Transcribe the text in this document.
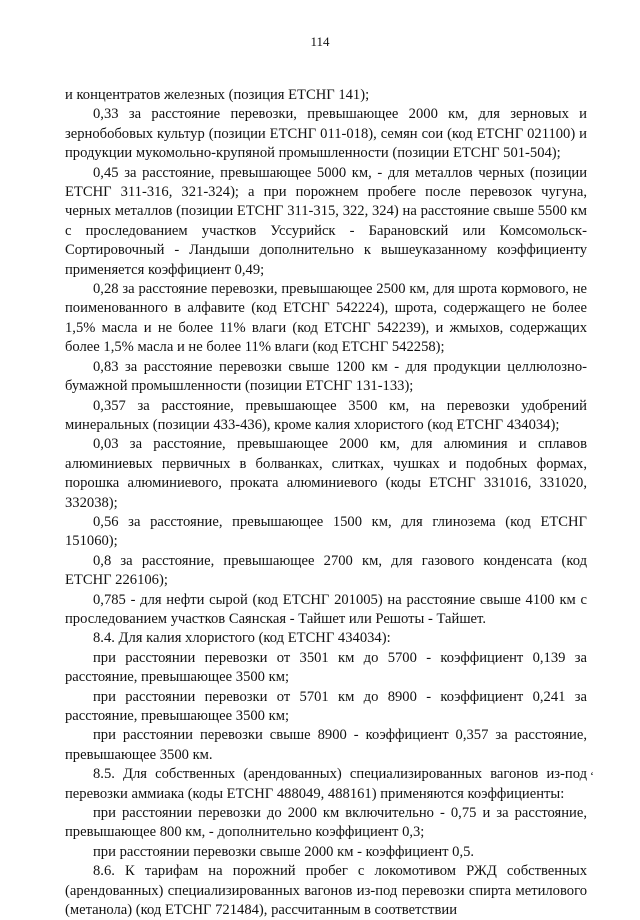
114

и концентратов железных (позиция ЕТСНГ 141);

0,33 за расстояние перевозки, превышающее 2000 км, для зерновых и зернобобовых культур (позиции ЕТСНГ 011-018), семян сои (код ЕТСНГ 021100) и продукции мукомольно-крупяной промышленности (позиции ЕТСНГ 501-504);

0,45 за расстояние, превышающее 5000 км, - для металлов черных (позиции ЕТСНГ 311-316, 321-324); а при порожнем пробеге после перевозок чугуна, черных металлов (позиции ЕТСНГ 311-315, 322, 324) на расстояние свыше 5500 км с проследованием участков Уссурийск - Барановский или Комсомольск-Сортировочный - Ландыши дополнительно к вышеуказанному коэффициенту применяется коэффициент 0,49;

0,28 за расстояние перевозки, превышающее 2500 км, для шрота кормового, не поименованного в алфавите (код ЕТСНГ 542224), шрота, содержащего не более 1,5% масла и не более 11% влаги (код ЕТСНГ 542239), и жмыхов, содержащих более 1,5% масла и не более 11% влаги (код ЕТСНГ 542258);

0,83 за расстояние перевозки свыше 1200 км - для продукции целлюлозно-бумажной промышленности (позиции ЕТСНГ 131-133);

0,357 за расстояние, превышающее 3500 км, на перевозки удобрений минеральных (позиции 433-436), кроме калия хлористого (код ЕТСНГ 434034);

0,03 за расстояние, превышающее 2000 км, для алюминия и сплавов алюминиевых первичных в болванках, слитках, чушках и подобных формах, порошка алюминиевого, проката алюминиевого (коды ЕТСНГ 331016, 331020, 332038);

0,56 за расстояние, превышающее 1500 км, для глинозема (код ЕТСНГ 151060);

0,8 за расстояние, превышающее 2700 км, для газового конденсата (код ЕТСНГ 226106);

0,785 - для нефти сырой (код ЕТСНГ 201005) на расстояние свыше 4100 км с проследованием участков Саянская - Тайшет или Решоты - Тайшет.

8.4. Для калия хлористого (код ЕТСНГ 434034):

при расстоянии перевозки от 3501 км до 5700 - коэффициент 0,139 за расстояние, превышающее 3500 км;

при расстоянии перевозки от 5701 км до 8900 - коэффициент 0,241 за расстояние, превышающее 3500 км;

при расстоянии перевозки свыше 8900 - коэффициент 0,357 за расстояние, превышающее 3500 км.

8.5. Для собственных (арендованных) специализированных вагонов из-под перевозки аммиака (коды ЕТСНГ 488049, 488161) применяются коэффициенты:

при расстоянии перевозки до 2000 км включительно - 0,75 и за расстояние, превышающее 800 км, - дополнительно коэффициент 0,3;

при расстоянии перевозки свыше 2000 км - коэффициент 0,5.

8.6. К тарифам на порожний пробег с локомотивом РЖД собственных (арендованных) специализированных вагонов из-под перевозки спирта метилового (метанола) (код ЕТСНГ 721484), рассчитанным в соответствии

‘
